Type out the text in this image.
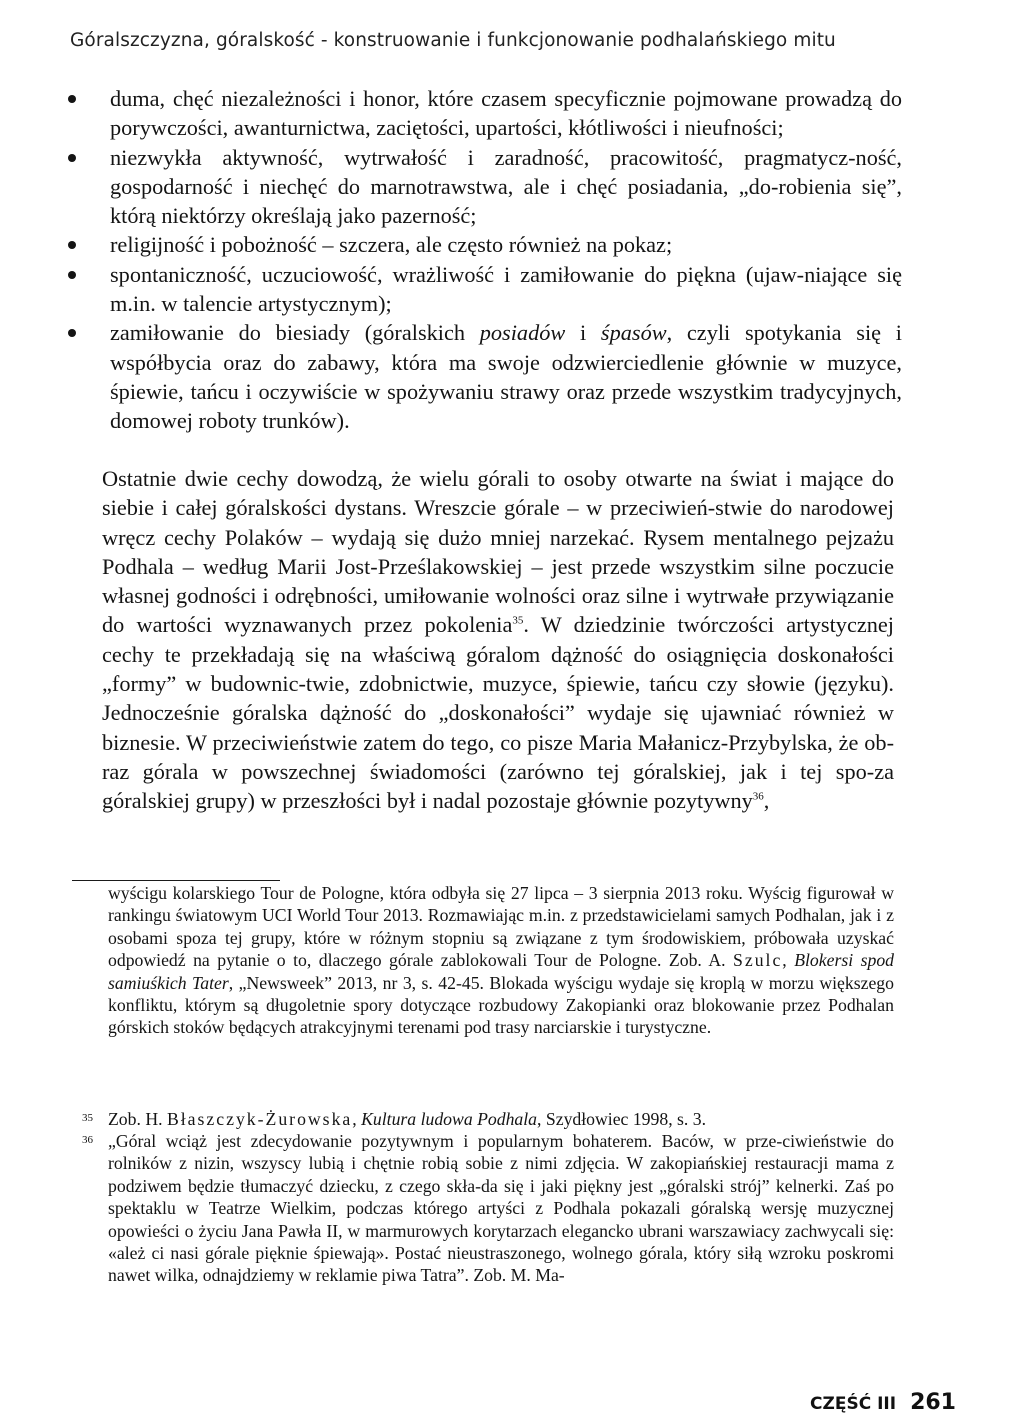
Góralszczyzna, góralskość - konstruowanie i funkcjonowanie podhalańskiego mitu
duma, chęć niezależności i honor, które czasem specyficznie pojmowane prowadzą do porywczości, awanturnictwa, zaciętości, upartości, kłótliwości i nieufności;
niezwykła aktywność, wytrwałość i zaradność, pracowitość, pragmatycz-ność, gospodarność i niechęć do marnotrawstwa, ale i chęć posiadania, „do-robienia się”, którą niektórzy określają jako pazerność;
religijność i pobożność – szczera, ale często również na pokaz;
spontaniczność, uczuciowość, wrażliwość i zamiłowanie do piękna (ujaw-niające się m.in. w talencie artystycznym);
zamiłowanie do biesiady (góralskich posiadów i śpasów, czyli spotykania się i współbycia oraz do zabawy, która ma swoje odzwierciedlenie głównie w muzyce, śpiewie, tańcu i oczywiście w spożywaniu strawy oraz przede wszystkim tradycyjnych, domowej roboty trunków).

Ostatnie dwie cechy dowodzą, że wielu górali to osoby otwarte na świat i mające do siebie i całej góralskości dystans. Wreszcie górale – w przeciwień-stwie do narodowej wręcz cechy Polaków – wydają się dużo mniej narzekać. Rysem mentalnego pejzażu Podhala – według Marii Jost-Prześlakowskiej – jest przede wszystkim silne poczucie własnej godności i odrębności, umiłowanie wolności oraz silne i wytrwałe przywiązanie do wartości wyznawanych przez pokolenia$^{35}$. W dziedzinie twórczości artystycznej cechy te przekładają się na właściwą góralom dążność do osiągnięcia doskonałości „formy” w budownic-twie, zdobnictwie, muzyce, śpiewie, tańcu czy słowie (języku). Jednocześnie góralska dążność do „doskonałości” wydaje się ujawniać również w biznesie. W przeciwieństwie zatem do tego, co pisze Maria Małanicz-Przybylska, że ob-raz górala w powszechnej świadomości (zarówno tej góralskiej, jak i tej spo-za góralskiej grupy) w przeszłości był i nadal pozostaje głównie pozytywny$^{36}$,

wyścigu kolarskiego Tour de Pologne, która odbyła się 27 lipca – 3 sierpnia 2013 roku. Wyścig figurował w rankingu światowym UCI World Tour 2013. Rozmawiając m.in. z przedstawicielami samych Podhalan, jak i z osobami spoza tej grupy, które w różnym stopniu są związane z tym środowiskiem, próbowała uzyskać odpowiedź na pytanie o to, dlaczego górale zablokowali Tour de Pologne. Zob. A. Szulc, Blokersi spod samiuśkich Tater, „Newsweek” 2013, nr 3, s. 42-45. Blokada wyścigu wydaje się kroplą w morzu większego konfliktu, którym są długoletnie spory dotyczące rozbudowy Zakopianki oraz blokowanie przez Podhalan górskich stoków będących atrakcyjnymi terenami pod trasy narciarskie i turystyczne.

35 Zob. H. Błaszczyk-Żurowska, Kultura ludowa Podhala, Szydłowiec 1998, s. 3.

36 „Góral wciąż jest zdecydowanie pozytywnym i popularnym bohaterem. Baców, w prze-ciwieństwie do rolników z nizin, wszyscy lubią i chętnie robią sobie z nimi zdjęcia. W zakopiańskiej restauracji mama z podziwem będzie tłumaczyć dziecku, z czego skła-da się i jaki piękny jest „góralski strój” kelnerki. Zaś po spektaklu w Teatrze Wielkim, podczas którego artyści z Podhala pokazali góralską wersję muzycznej opowieści o życiu Jana Pawła II, w marmurowych korytarzach elegancko ubrani warszawiacy zachwycali się: «ależ ci nasi górale pięknie śpiewają». Postać nieustraszonego, wolnego górala, który siłą wzroku poskromi nawet wilka, odnajdziemy w reklamie piwa Tatra”. Zob. M. Ma-

CZĘŚĆ III 261
